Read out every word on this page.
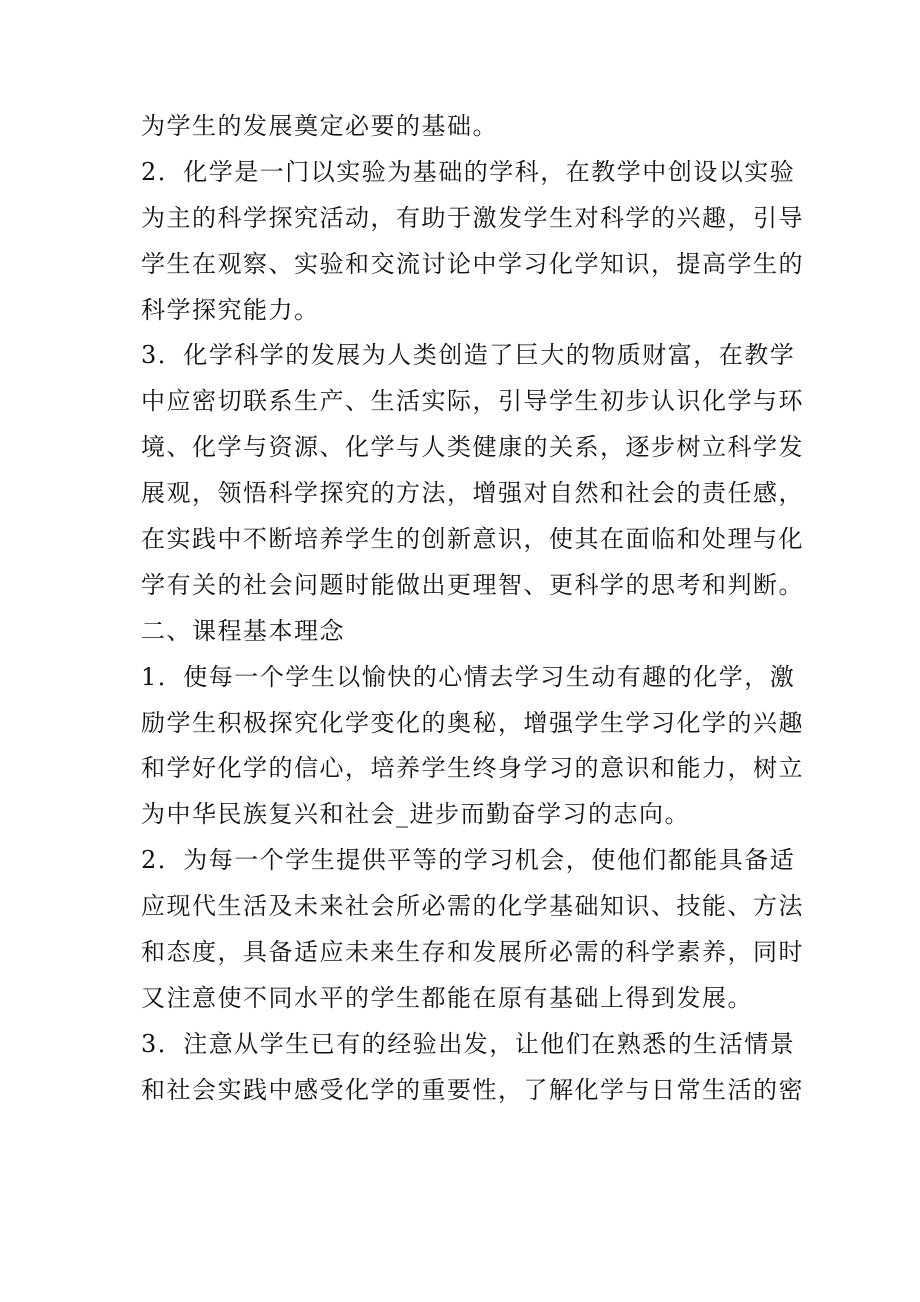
为学生的发展奠定必要的基础。
2．化学是一门以实验为基础的学科，在教学中创设以实验
为主的科学探究活动，有助于激发学生对科学的兴趣，引导
学生在观察、实验和交流讨论中学习化学知识，提高学生的
科学探究能力。
3．化学科学的发展为人类创造了巨大的物质财富，在教学
中应密切联系生产、生活实际，引导学生初步认识化学与环
境、化学与资源、化学与人类健康的关系，逐步树立科学发
展观，领悟科学探究的方法，增强对自然和社会的责任感，
在实践中不断培养学生的创新意识，使其在面临和处理与化
学有关的社会问题时能做出更理智、更科学的思考和判断。
二、课程基本理念
1．使每一个学生以愉快的心情去学习生动有趣的化学，激
励学生积极探究化学变化的奥秘，增强学生学习化学的兴趣
和学好化学的信心，培养学生终身学习的意识和能力，树立
为中华民族复兴和社会_进步而勤奋学习的志向。
2．为每一个学生提供平等的学习机会，使他们都能具备适
应现代生活及未来社会所必需的化学基础知识、技能、方法
和态度，具备适应未来生存和发展所必需的科学素养，同时
又注意使不同水平的学生都能在原有基础上得到发展。
3．注意从学生已有的经验出发，让他们在熟悉的生活情景
和社会实践中感受化学的重要性，了解化学与日常生活的密
